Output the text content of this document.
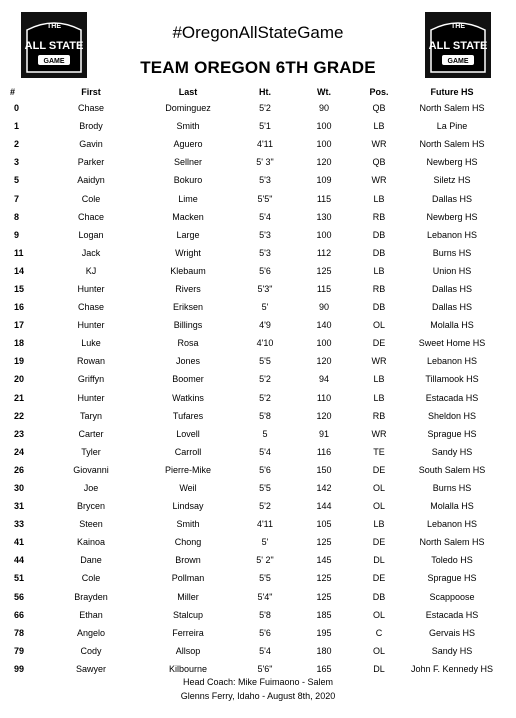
THE
ALL STATE
GAME
THE
ALL STATE
GAME
#OregonAllStateGame
TEAM OREGON 6TH GRADE
#	First	Last	Ht.	Wt.	Pos.	Future HS
0	Chase	Dominguez	5'2	90	QB	North Salem HS
1	Brody	Smith	5'1	100	LB	La Pine
2	Gavin	Aguero	4'11	100	WR	North Salem HS
3	Parker	Sellner	5' 3"	120	QB	Newberg HS
5	Aaidyn	Bokuro	5'3	109	WR	Siletz HS
7	Cole	Lime	5'5"	115	LB	Dallas HS
8	Chace	Macken	5'4	130	RB	Newberg HS
9	Logan	Large	5'3	100	DB	Lebanon HS
11	Jack	Wright	5'3	112	DB	Burns HS
14	KJ	Klebaum	5'6	125	LB	Union HS
15	Hunter	Rivers	5'3"	115	RB	Dallas HS
16	Chase	Eriksen	5'	90	DB	Dallas HS
17	Hunter	Billings	4'9	140	OL	Molalla HS
18	Luke	Rosa	4'10	100	DE	Sweet Home HS
19	Rowan	Jones	5'5	120	WR	Lebanon HS
20	Griffyn	Boomer	5'2	94	LB	Tillamook HS
21	Hunter	Watkins	5'2	110	LB	Estacada HS
22	Taryn	Tufares	5'8	120	RB	Sheldon HS
23	Carter	Lovell	5	91	WR	Sprague HS
24	Tyler	Carroll	5'4	116	TE	Sandy HS
26	Giovanni	Pierre-Mike	5'6	150	DE	South Salem HS
30	Joe	Weil	5'5	142	OL	Burns HS
31	Brycen	Lindsay	5'2	144	OL	Molalla HS
33	Steen	Smith	4'11	105	LB	Lebanon HS
41	Kainoa	Chong	5'	125	DE	North Salem HS
44	Dane	Brown	5' 2"	145	DL	Toledo HS
51	Cole	Pollman	5'5	125	DE	Sprague HS
56	Brayden	Miller	5'4"	125	DB	Scappoose
66	Ethan	Stalcup	5'8	185	OL	Estacada HS
78	Angelo	Ferreira	5'6	195	C	Gervais HS
79	Cody	Allsop	5'4	180	OL	Sandy HS
99	Sawyer	Kilbourne	5'6"	165	DL	John F. Kennedy HS
Head Coach: Mike Fuimaono - Salem
Glenns Ferry, Idaho - August 8th, 2020
